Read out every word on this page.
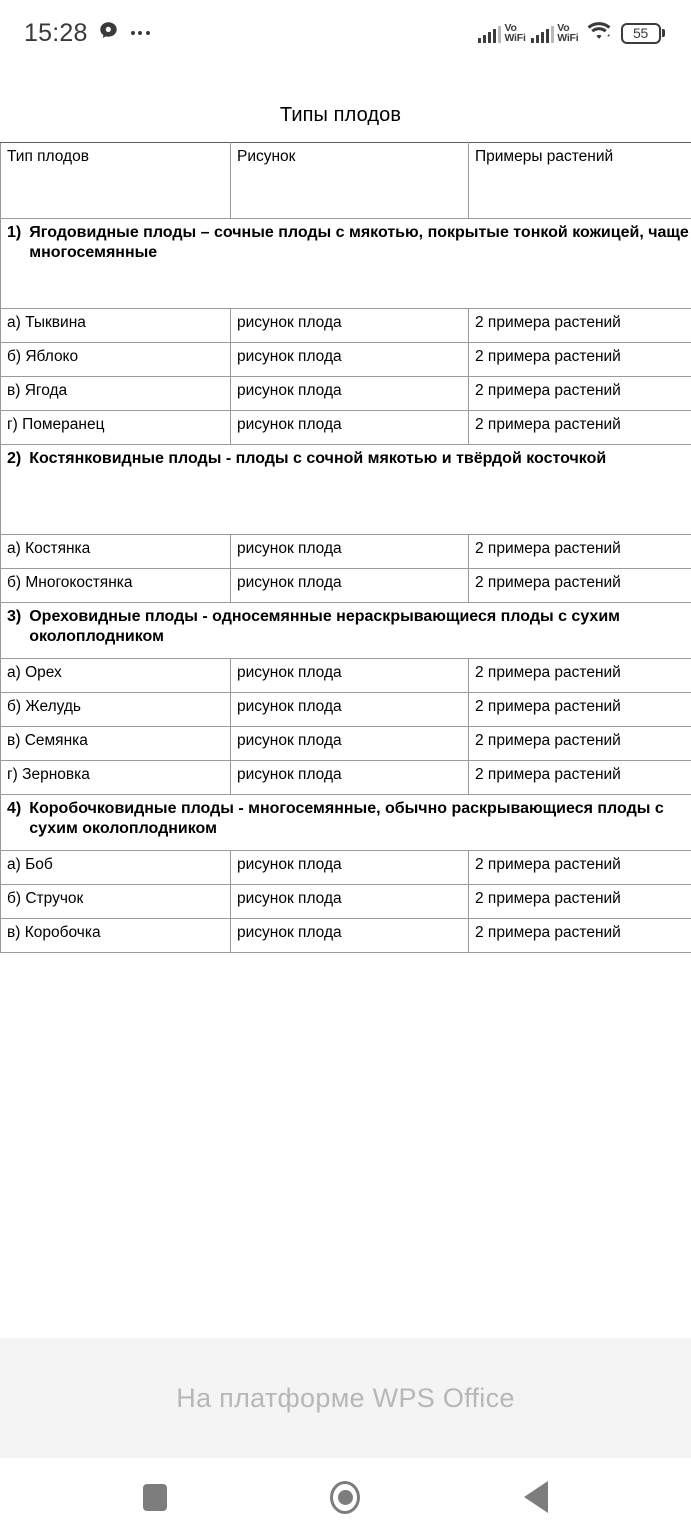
15:28	Vo
WiFi
Vo
WiFi	55
Типы плодов
Тип плодов	Рисунок	Примеры растений

1) Ягодовидные плоды – сочные плоды с мякотью, покрытые тонкой кожицей, чаще многосемянные		

а) Тыквина	рисунок плода	2 примера растений
б) Яблоко	рисунок плода	2 примера растений
в) Ягода	рисунок плода	2 примера растений
г) Померанец	рисунок плода	2 примера растений

2) Костянковидные плоды - плоды с сочной мякотью и твёрдой косточкой		

а) Костянка	рисунок плода	2 примера растений
б) Многокостянка	рисунок плода	2 примера растений

3) Ореховидные плоды - односемянные нераскрывающиеся плоды с сухим околоплодником		

а) Орех	рисунок плода	2 примера растений
б) Желудь	рисунок плода	2 примера растений
в) Семянка	рисунок плода	2 примера растений
г) Зерновка	рисунок плода	2 примера растений

4) Коробочковидные плоды - многосемянные, обычно раскрывающиеся плоды с сухим околоплодником		

а) Боб	рисунок плода	2 примера растений
б) Стручок	рисунок плода	2 примера растений
в) Коробочка	рисунок плода	2 примера растений
На платформе WPS Office
